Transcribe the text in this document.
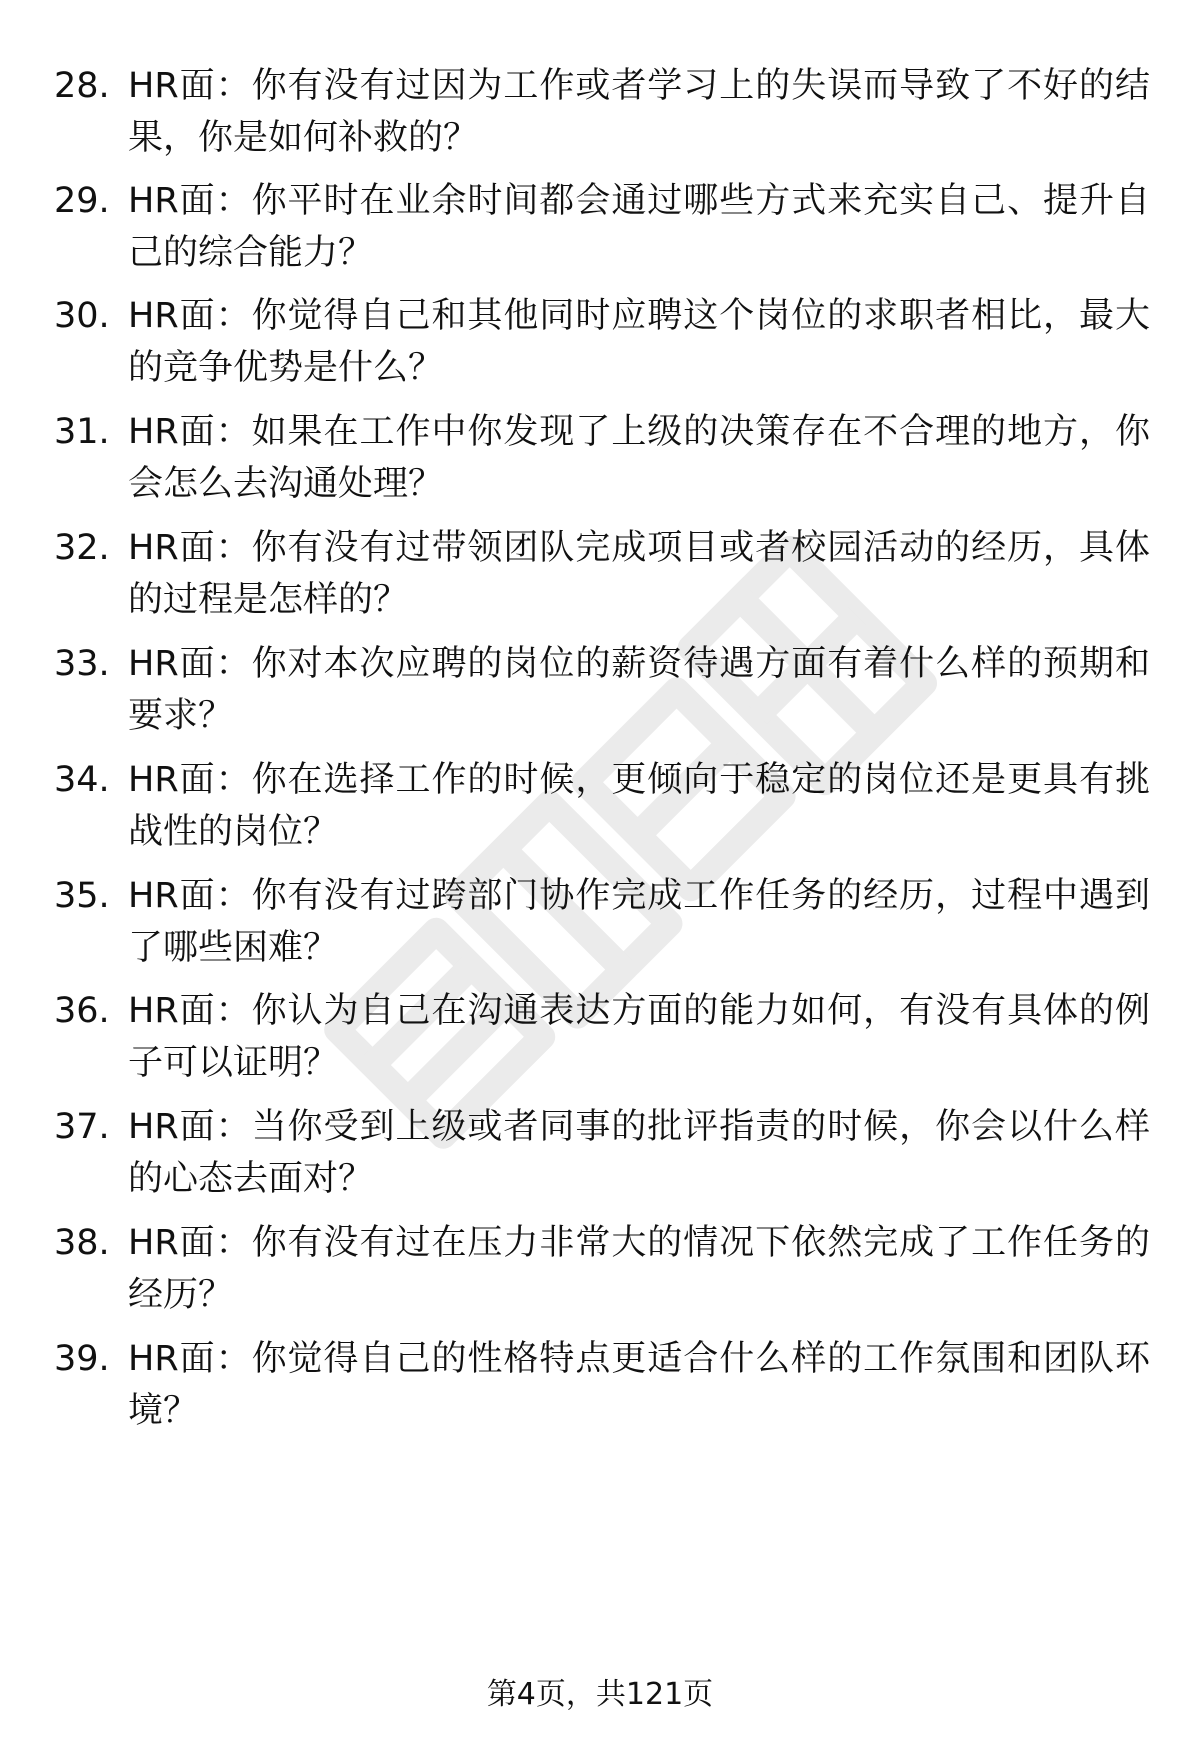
28. HR面：你有没有过因为工作或者学习上的失误而导致了不好的结果，你是如何补救的？
29. HR面：你平时在业余时间都会通过哪些方式来充实自己、提升自己的综合能力？
30. HR面：你觉得自己和其他同时应聘这个岗位的求职者相比，最大的竞争优势是什么？
31. HR面：如果在工作中你发现了上级的决策存在不合理的地方，你会怎么去沟通处理？
32. HR面：你有没有过带领团队完成项目或者校园活动的经历，具体的过程是怎样的？
33. HR面：你对本次应聘的岗位的薪资待遇方面有着什么样的预期和要求？
34. HR面：你在选择工作的时候，更倾向于稳定的岗位还是更具有挑战性的岗位？
35. HR面：你有没有过跨部门协作完成工作任务的经历，过程中遇到了哪些困难？
36. HR面：你认为自己在沟通表达方面的能力如何，有没有具体的例子可以证明？
37. HR面：当你受到上级或者同事的批评指责的时候，你会以什么样的心态去面对？
38. HR面：你有没有过在压力非常大的情况下依然完成了工作任务的经历？
39. HR面：你觉得自己的性格特点更适合什么样的工作氛围和团队环境？
第4页，共121页
